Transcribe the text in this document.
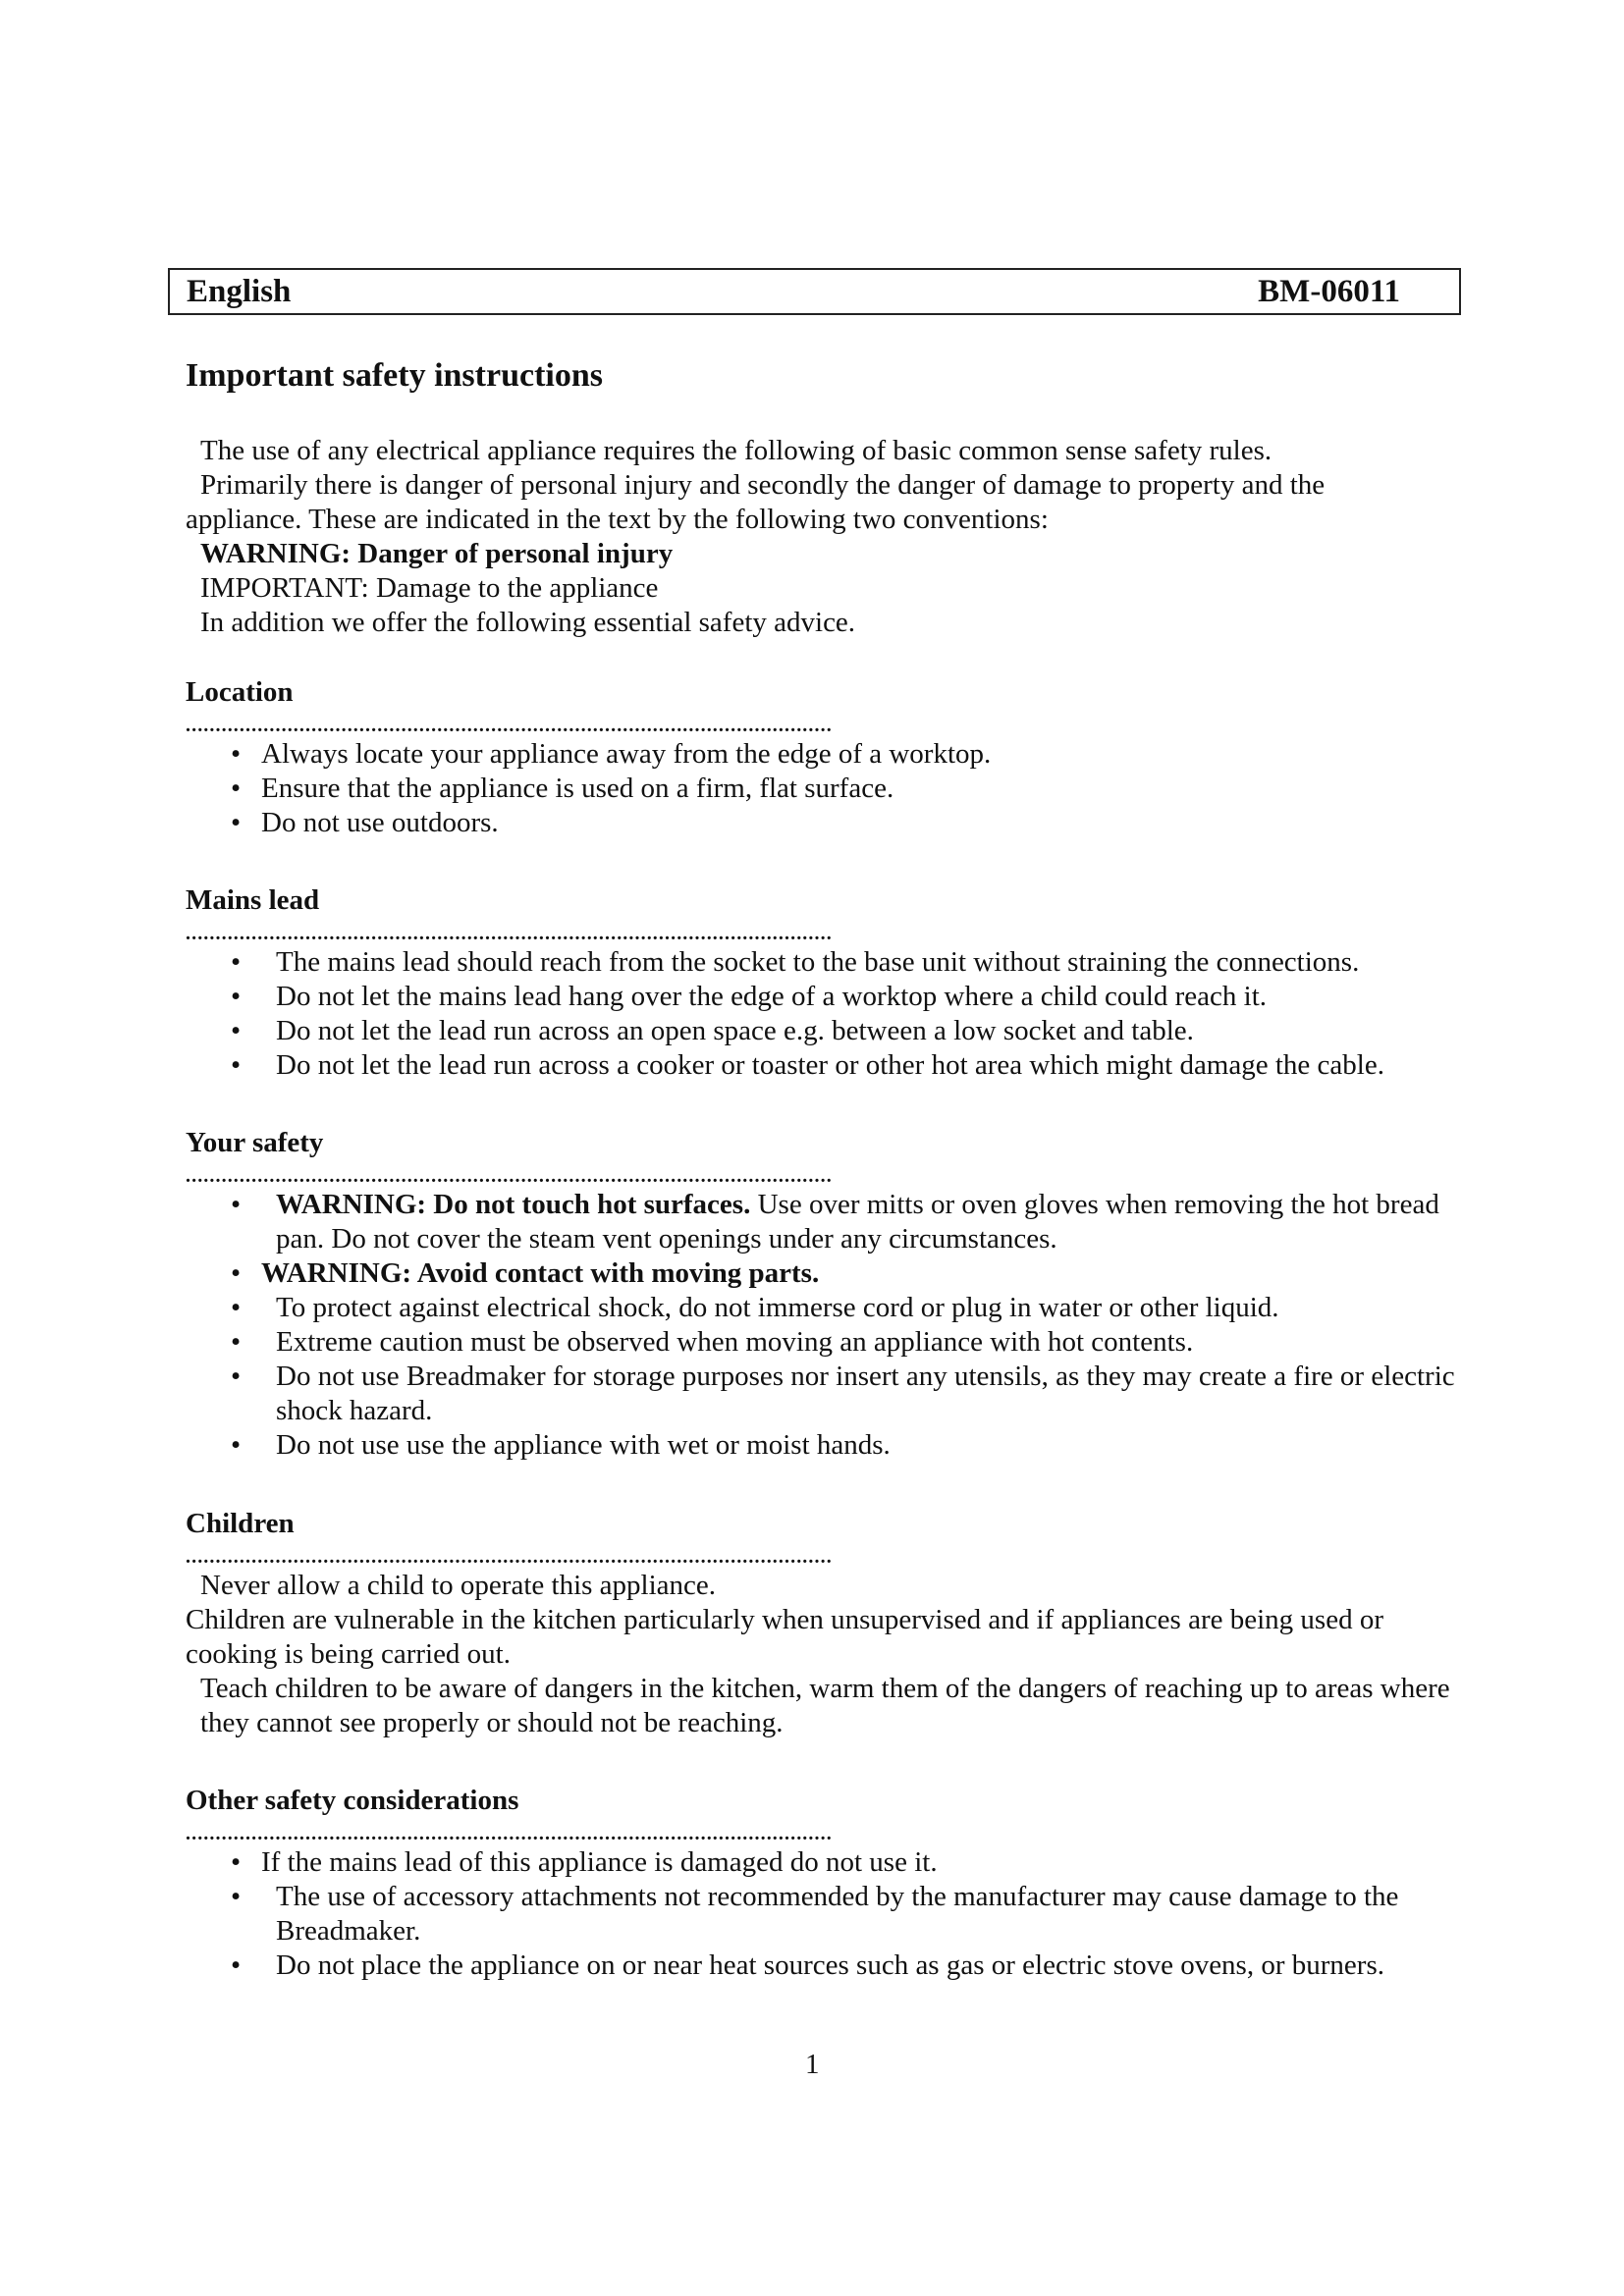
English	BM-06011
Important safety instructions

The use of any electrical appliance requires the following of basic common sense safety rules.

Primarily there is danger of personal injury and secondly the danger of damage to property and the

appliance. These are indicated in the text by the following two conventions:

WARNING: Danger of personal injury

IMPORTANT: Damage to the appliance

In addition we offer the following essential safety advice.

Location

............................................................................................................
• Always locate your appliance away from the edge of a worktop.
• Ensure that the appliance is used on a firm, flat surface.
• Do not use outdoors.

Mains lead

............................................................................................................
• The mains lead should reach from the socket to the base unit without straining the connections.
• Do not let the mains lead hang over the edge of a worktop where a child could reach it.
• Do not let the lead run across an open space e.g. between a low socket and table.
• Do not let the lead run across a cooker or toaster or other hot area which might damage the cable.

Your safety

............................................................................................................
• WARNING: Do not touch hot surfaces. Use over mitts or oven gloves when removing the hot bread pan. Do not cover the steam vent openings under any circumstances.
• WARNING: Avoid contact with moving parts.
• To protect against electrical shock, do not immerse cord or plug in water or other liquid.
• Extreme caution must be observed when moving an appliance with hot contents.
• Do not use Breadmaker for storage purposes nor insert any utensils, as they may create a fire or electric shock hazard.
• Do not use use the appliance with wet or moist hands.

Children

............................................................................................................

Never allow a child to operate this appliance.

Children are vulnerable in the kitchen particularly when unsupervised and if appliances are being used or cooking is being carried out.

Teach children to be aware of dangers in the kitchen, warm them of the dangers of reaching up to areas where they cannot see properly or should not be reaching.

Other safety considerations

............................................................................................................
• If the mains lead of this appliance is damaged do not use it.
• The use of accessory attachments not recommended by the manufacturer may cause damage to the Breadmaker.
• Do not place the appliance on or near heat sources such as gas or electric stove ovens, or burners.
1
